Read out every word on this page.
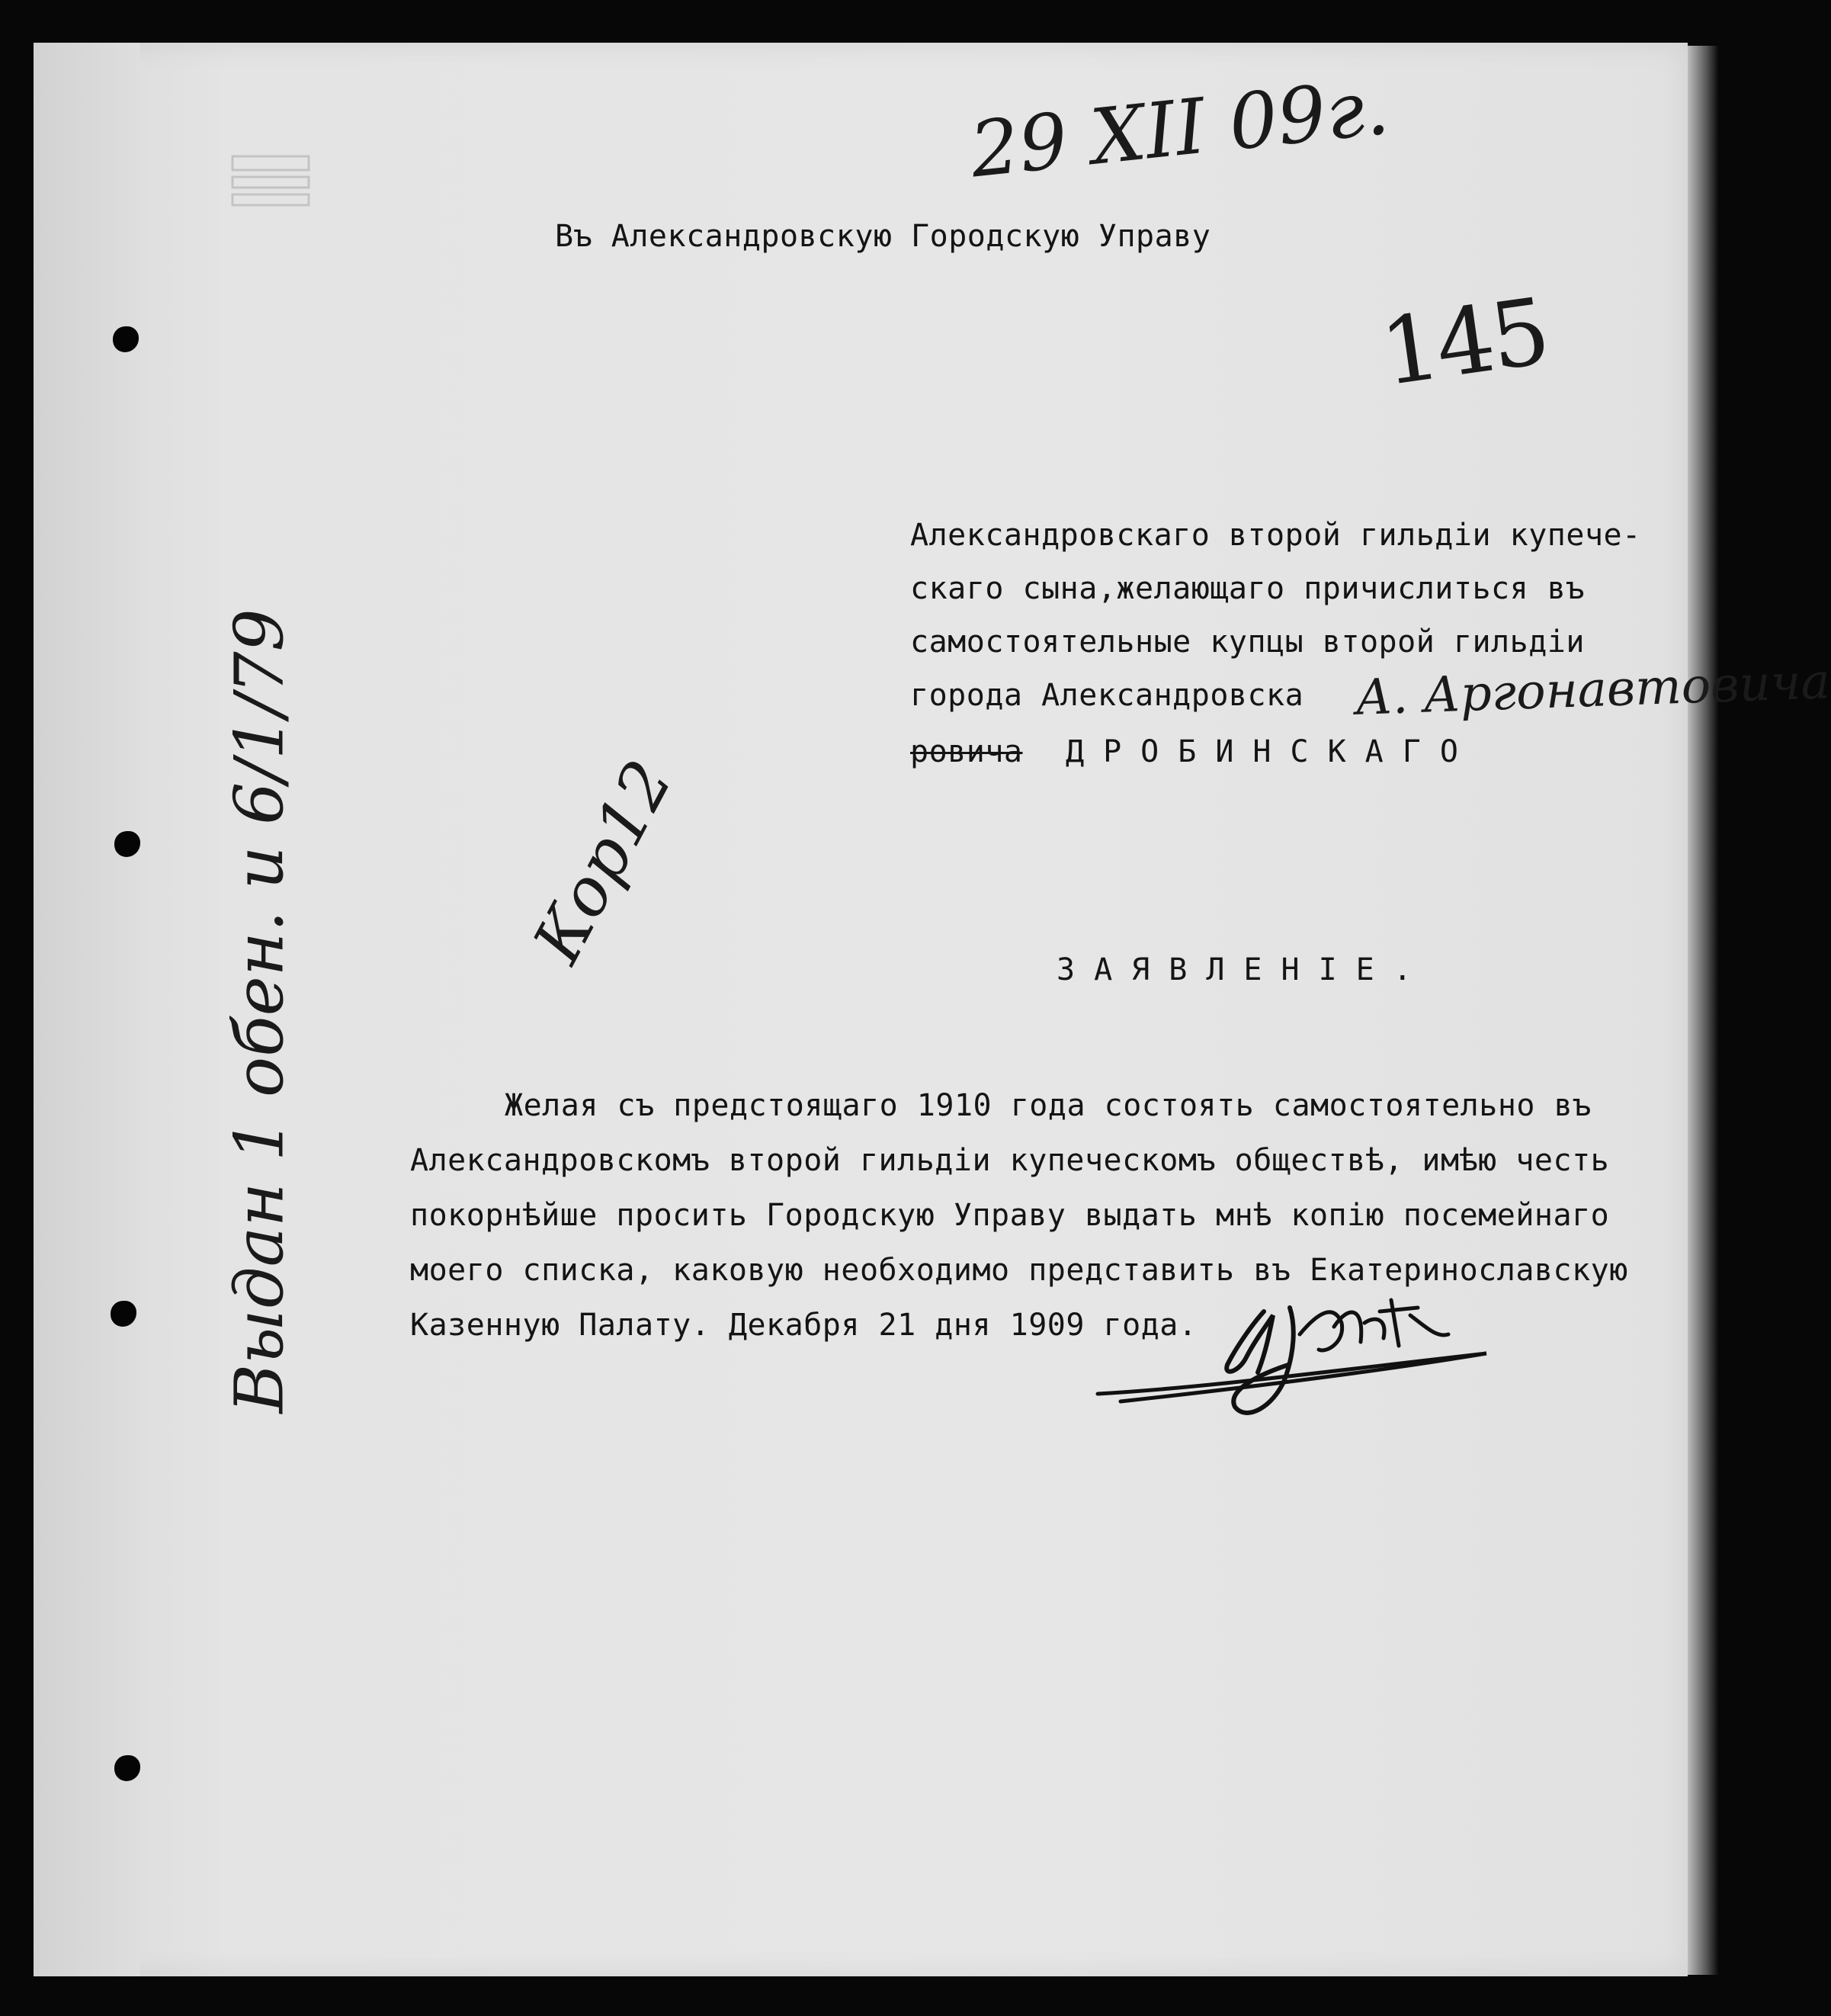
29 XII 09г.
145
Въ Александровскую Городскую Управу
Александровскаго второй гильдiи купече-
скаго сына,желающаго причислиться въ
самостоятельные купцы второй гильдiи
города Александровска А. Аргонавтовича
ровича ДРОБИНСКАГО
Выдан 1 обен. и 6/1/79	Кор12	ЗАЯВЛЕНIЕ.
Желая съ предстоящаго 1910 года состоять самостоятельно въ
Александровскомъ второй гильдiи купеческомъ обществѣ, имѣю честь
покорнѣйше просить Городскую Управу выдать мнѣ копiю посемейнаго
моего списка, каковую необходимо представить въ Екатеринославскую
Казенную Палату. Декабря 21 дня 1909 года.
